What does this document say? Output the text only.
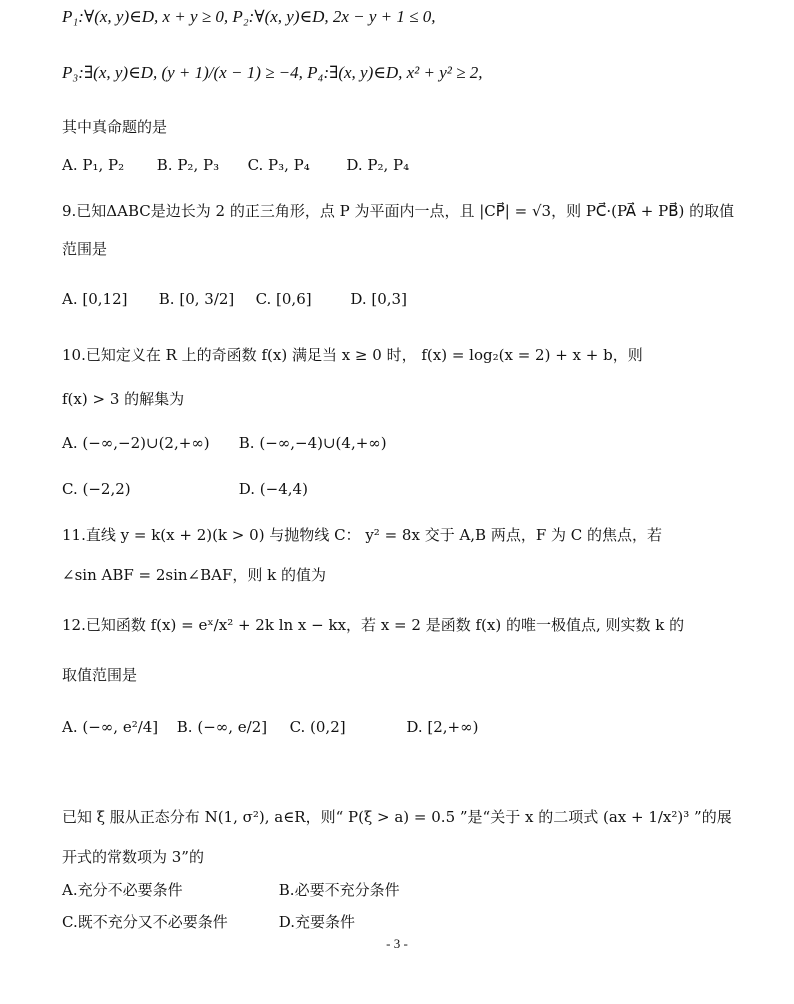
P₁:∀(x, y)∈D, x + y ≥ 0, P₂:∀(x, y)∈D, 2x − y + 1 ≤ 0,
P₃:∃(x, y)∈D, (y + 1)/(x − 1) ≥ −4, P₄:∃(x, y)∈D, x² + y² ≥ 2,
其中真命题的是
A. P₁, P₂ B. P₂, P₃ C. P₃, P₄ D. P₂, P₄
9.已知ΔABC是边长为 2 的正三角形，点 P 为平面内一点，且 |CP⃗| = √3，则 PC⃗·(PA⃗ + PB⃗) 的取值
范围是
A. [0,12] B. [0, 3/2] C. [0,6]	D. [0,3]
10.已知定义在 R 上的奇函数 f(x) 满足当 x ≥ 0 时， f(x) = log₂(x = 2) + x + b，则
f(x) > 3 的解集为
A. (−∞,−2)∪(2,+∞) B. (−∞,−4)∪(4,+∞)
C. (−2,2)	D. (−4,4)
11.直线 y = k(x + 2)(k > 0) 与抛物线 C： y² = 8x 交于 A,B 两点，F 为 C 的焦点，若
∠sin ABF = 2sin∠BAF，则 k 的值为
12.已知函数 f(x) = eˣ/x² + 2k ln x − kx，若 x = 2 是函数 f(x) 的唯一极值点, 则实数 k 的
取值范围是
A. (−∞, e²/4] B. (−∞, e/2] C. (0,2]	D. [2,+∞)
已知 ξ 服从正态分布 N(1, σ²), a∈R，则“ P(ξ > a) = 0.5 ”是“关于 x 的二项式 (ax + 1/x²)³ ”的展
开式的常数项为 3”的
A.充分不必要条件	B.必要不充分条件
C.既不充分又不必要条件	D.充要条件
- 3 -
